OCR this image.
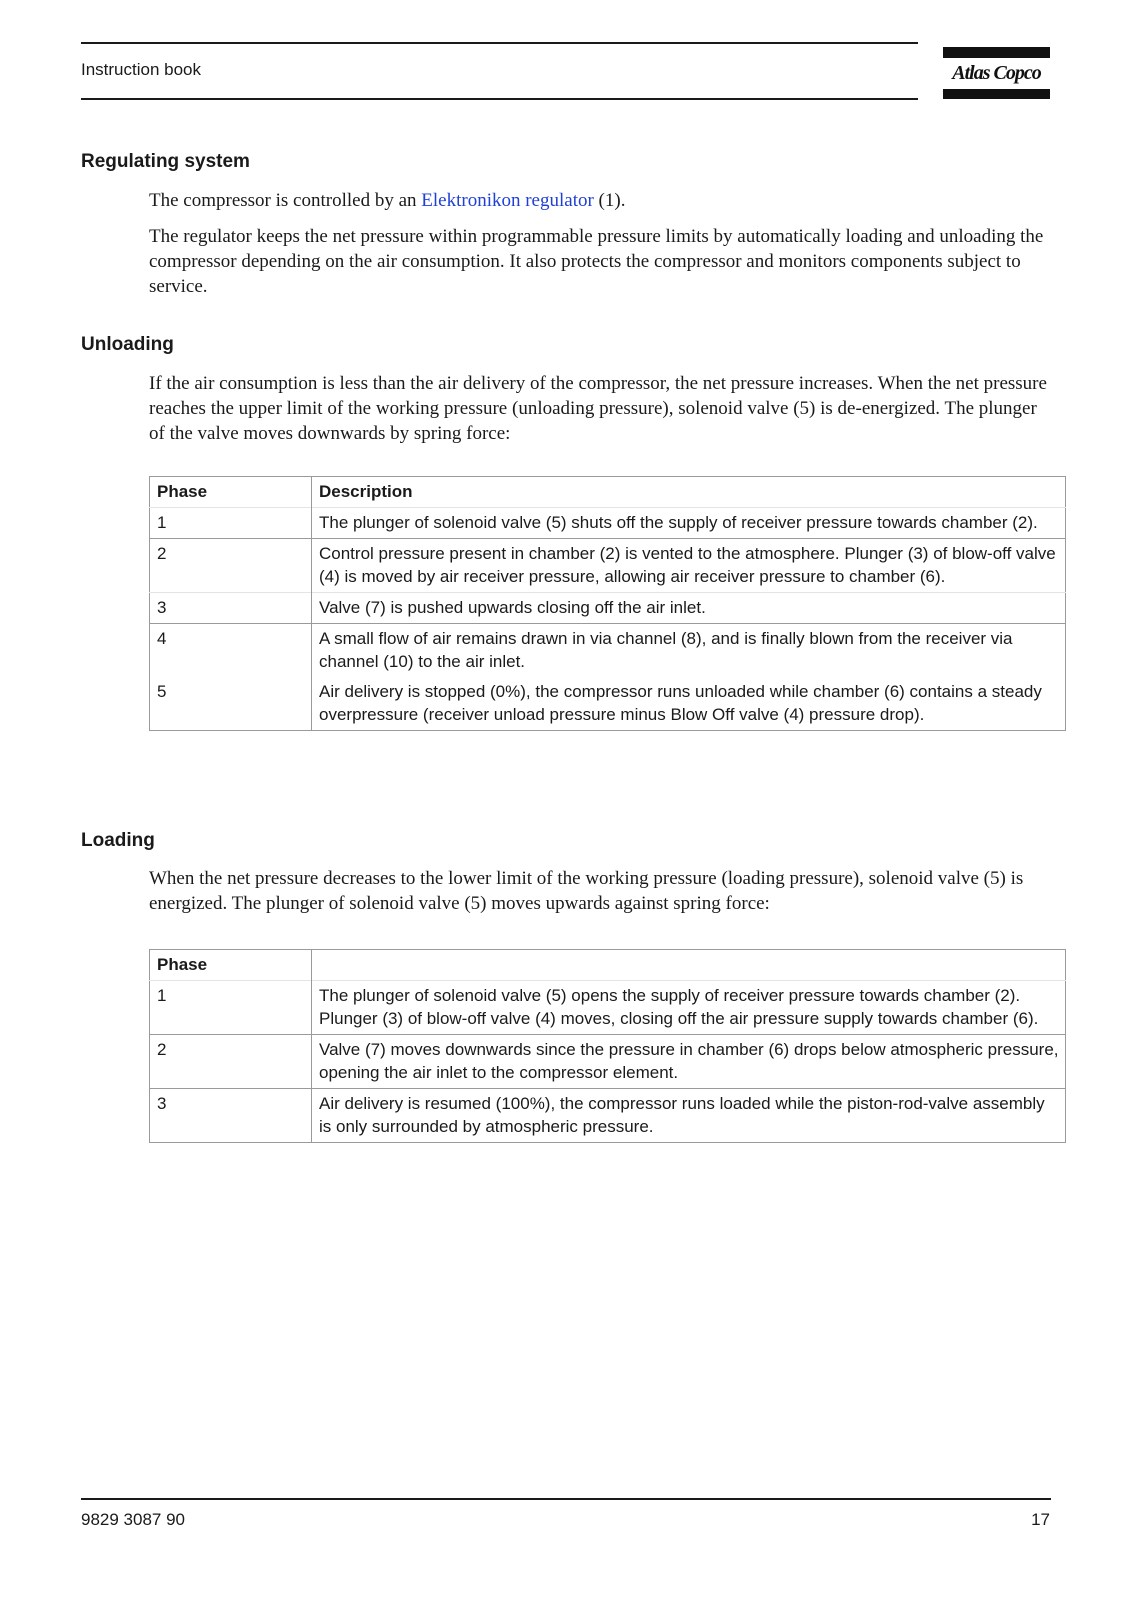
Instruction book	Atlas Copco
Regulating system

The compressor is controlled by an Elektronikon regulator (1).

The regulator keeps the net pressure within programmable pressure limits by automatically loading and unloading the compressor depending on the air consumption. It also protects the compressor and monitors components subject to service.

Unloading

If the air consumption is less than the air delivery of the compressor, the net pressure increases. When the net pressure reaches the upper limit of the working pressure (unloading pressure), solenoid valve (5) is de-energized. The plunger of the valve moves downwards by spring force:

Phase	Description
1	The plunger of solenoid valve (5) shuts off the supply of receiver pressure towards chamber (2).
2	Control pressure present in chamber (2) is vented to the atmosphere. Plunger (3) of blow-off valve (4) is moved by air receiver pressure, allowing air receiver pressure to chamber (6).
3	Valve (7) is pushed upwards closing off the air inlet.
4	A small flow of air remains drawn in via channel (8), and is finally blown from the receiver via channel (10) to the air inlet.
5	Air delivery is stopped (0%), the compressor runs unloaded while chamber (6) contains a steady overpressure (receiver unload pressure minus Blow Off valve (4) pressure drop).
Loading

When the net pressure decreases to the lower limit of the working pressure (loading pressure), solenoid valve (5) is energized. The plunger of solenoid valve (5) moves upwards against spring force:

Phase	
1	The plunger of solenoid valve (5) opens the supply of receiver pressure towards chamber (2). Plunger (3) of blow-off valve (4) moves, closing off the air pressure supply towards chamber (6).
2	Valve (7) moves downwards since the pressure in chamber (6) drops below atmospheric pressure, opening the air inlet to the compressor element.
3	Air delivery is resumed (100%), the compressor runs loaded while the piston-rod-valve assembly is only surrounded by atmospheric pressure.
9829 3087 90	17
